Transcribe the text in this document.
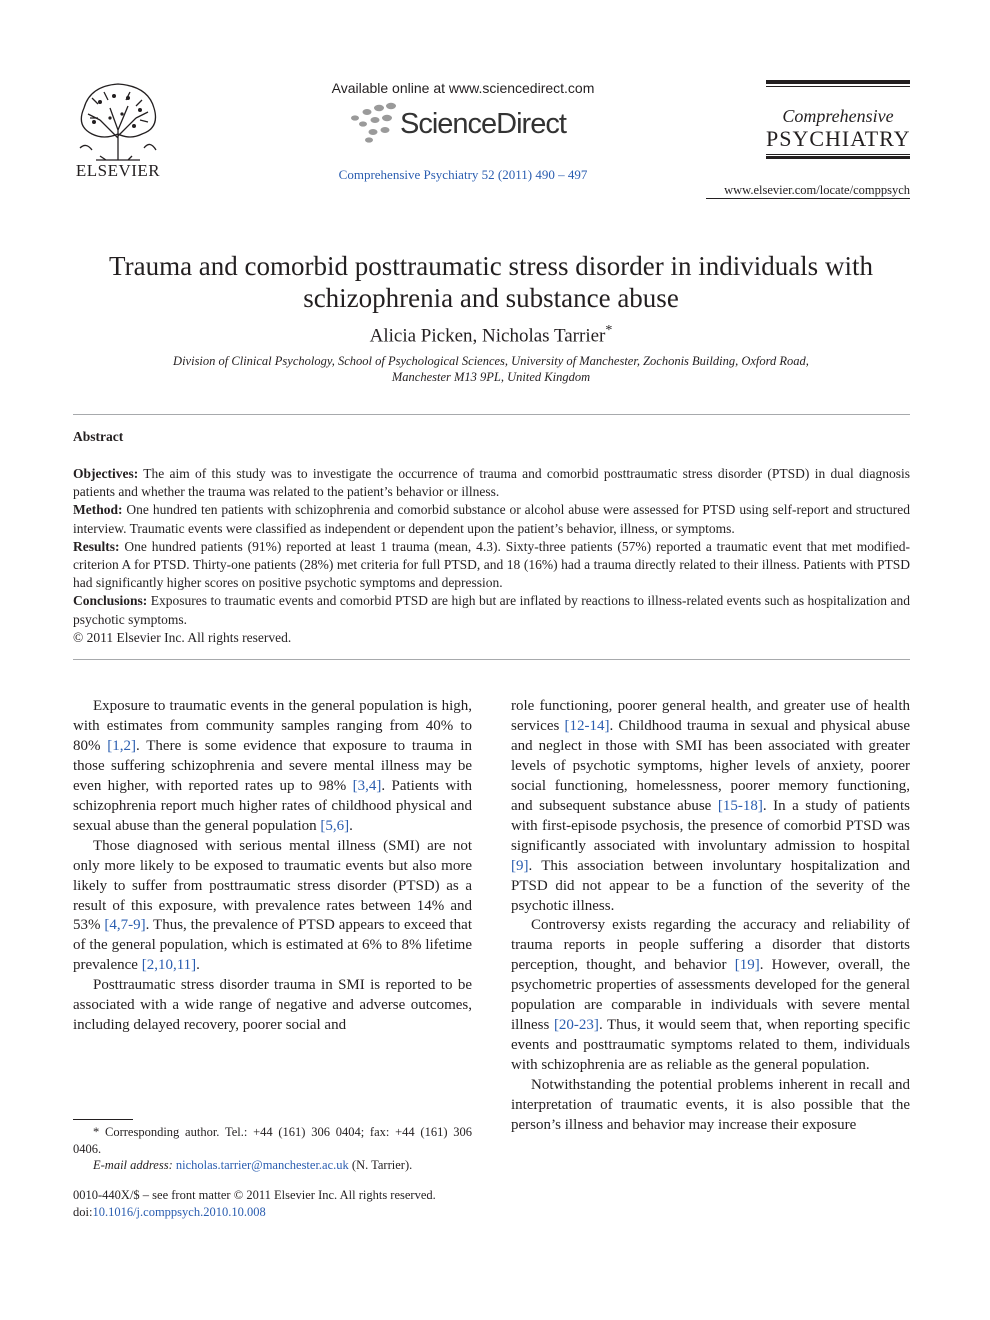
ELSEVIER
Available online at www.sciencedirect.com
ScienceDirect
Comprehensive Psychiatry 52 (2011) 490 – 497
Comprehensive
PSYCHIATRY
www.elsevier.com/locate/comppsych
Trauma and comorbid posttraumatic stress disorder in individuals with schizophrenia and substance abuse
Alicia Picken, Nicholas Tarrier*
Division of Clinical Psychology, School of Psychological Sciences, University of Manchester, Zochonis Building, Oxford Road,
Manchester M13 9PL, United Kingdom
Abstract

Objectives: The aim of this study was to investigate the occurrence of trauma and comorbid posttraumatic stress disorder (PTSD) in dual diagnosis patients and whether the trauma was related to the patient’s behavior or illness.

Method: One hundred ten patients with schizophrenia and comorbid substance or alcohol abuse were assessed for PTSD using self-report and structured interview. Traumatic events were classified as independent or dependent upon the patient’s behavior, illness, or symptoms.

Results: One hundred patients (91%) reported at least 1 trauma (mean, 4.3). Sixty-three patients (57%) reported a traumatic event that met modified-criterion A for PTSD. Thirty-one patients (28%) met criteria for full PTSD, and 18 (16%) had a trauma directly related to their illness. Patients with PTSD had significantly higher scores on positive psychotic symptoms and depression.

Conclusions: Exposures to traumatic events and comorbid PTSD are high but are inflated by reactions to illness-related events such as hospitalization and psychotic symptoms.

© 2011 Elsevier Inc. All rights reserved.

Exposure to traumatic events in the general population is high, with estimates from community samples ranging from 40% to 80% [1,2]. There is some evidence that exposure to trauma in those suffering schizophrenia and severe mental illness may be even higher, with reported rates up to 98% [3,4]. Patients with schizophrenia report much higher rates of childhood physical and sexual abuse than the general population [5,6].

Those diagnosed with serious mental illness (SMI) are not only more likely to be exposed to traumatic events but also more likely to suffer from posttraumatic stress disorder (PTSD) as a result of this exposure, with prevalence rates between 14% and 53% [4,7-9]. Thus, the prevalence of PTSD appears to exceed that of the general population, which is estimated at 6% to 8% lifetime prevalence [2,10,11].

Posttraumatic stress disorder trauma in SMI is reported to be associated with a wide range of negative and adverse outcomes, including delayed recovery, poorer social and

* Corresponding author. Tel.: +44 (161) 306 0404; fax: +44 (161) 306 0406.

E-mail address: nicholas.tarrier@manchester.ac.uk (N. Tarrier).

0010-440X/$ – see front matter © 2011 Elsevier Inc. All rights reserved.

doi:10.1016/j.comppsych.2010.10.008

role functioning, poorer general health, and greater use of health services [12-14]. Childhood trauma in sexual and physical abuse and neglect in those with SMI has been associated with greater levels of psychotic symptoms, higher levels of anxiety, poorer social functioning, homelessness, poorer memory functioning, and subsequent substance abuse [15-18]. In a study of patients with first-episode psychosis, the presence of comorbid PTSD was significantly associated with involuntary admission to hospital [9]. This association between involuntary hospitalization and PTSD did not appear to be a function of the severity of the psychotic illness.

Controversy exists regarding the accuracy and reliability of trauma reports in people suffering a disorder that distorts perception, thought, and behavior [19]. However, overall, the psychometric properties of assessments developed for the general population are comparable in individuals with severe mental illness [20-23]. Thus, it would seem that, when reporting specific events and posttraumatic symptoms related to them, individuals with schizophrenia are as reliable as the general population.

Notwithstanding the potential problems inherent in recall and interpretation of traumatic events, it is also possible that the person’s illness and behavior may increase their exposure
